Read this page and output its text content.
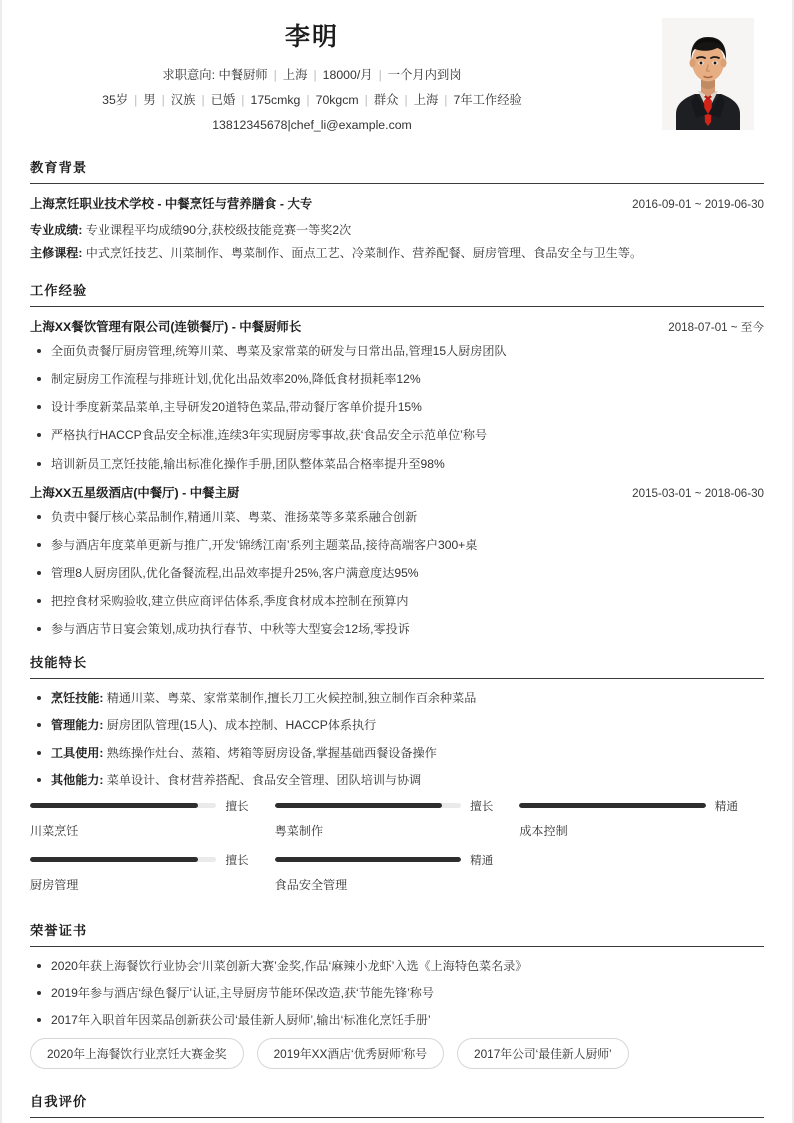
李明
求职意向: 中餐厨师 | 上海 | 18000/月 | 一个月内到岗
35岁 | 男 | 汉族 | 已婚 | 175cmkg | 70kgcm | 群众 | 上海 | 7年工作经验
13812345678|chef_li@example.com
教育背景
上海烹饪职业技术学校 - 中餐烹饪与营养膳食 - 大专	2016-09-01 ~ 2019-06-30
专业成绩: 专业课程平均成绩90分,获校级技能竞赛一等奖2次
主修课程: 中式烹饪技艺、川菜制作、粤菜制作、面点工艺、冷菜制作、营养配餐、厨房管理、食品安全与卫生等。
工作经验
上海XX餐饮管理有限公司(连锁餐厅) - 中餐厨师长	2018-07-01 ~ 至今
全面负责餐厅厨房管理,统筹川菜、粤菜及家常菜的研发与日常出品,管理15人厨房团队
制定厨房工作流程与排班计划,优化出品效率20%,降低食材损耗率12%
设计季度新菜品菜单,主导研发20道特色菜品,带动餐厅客单价提升15%
严格执行HACCP食品安全标准,连续3年实现厨房零事故,获‘食品安全示范单位’称号
培训新员工烹饪技能,输出标准化操作手册,团队整体菜品合格率提升至98%
上海XX五星级酒店(中餐厅) - 中餐主厨	2015-03-01 ~ 2018-06-30
负责中餐厅核心菜品制作,精通川菜、粤菜、淮扬菜等多菜系融合创新
参与酒店年度菜单更新与推广,开发‘锦绣江南’系列主题菜品,接待高端客户300+桌
管理8人厨房团队,优化备餐流程,出品效率提升25%,客户满意度达95%
把控食材采购验收,建立供应商评估体系,季度食材成本控制在预算内
参与酒店节日宴会策划,成功执行春节、中秋等大型宴会12场,零投诉
技能特长
烹饪技能: 精通川菜、粤菜、家常菜制作,擅长刀工火候控制,独立制作百余种菜品
管理能力: 厨房团队管理(15人)、成本控制、HACCP体系执行
工具使用: 熟练操作灶台、蒸箱、烤箱等厨房设备,掌握基础西餐设备操作
其他能力: 菜单设计、食材营养搭配、食品安全管理、团队培训与协调
擅长
川菜烹饪
擅长
粤菜制作
精通
成本控制
擅长
厨房管理
精通
食品安全管理
荣誉证书
2020年获上海餐饮行业协会‘川菜创新大赛’金奖,作品‘麻辣小龙虾’入选《上海特色菜名录》
2019年参与酒店‘绿色餐厅’认证,主导厨房节能环保改造,获‘节能先锋’称号
2017年入职首年因菜品创新获公司‘最佳新人厨师’,输出‘标准化烹饪手册’
2020年上海餐饮行业烹饪大赛金奖	2019年XX酒店‘优秀厨师’称号	2017年公司‘最佳新人厨师’
自我评价
